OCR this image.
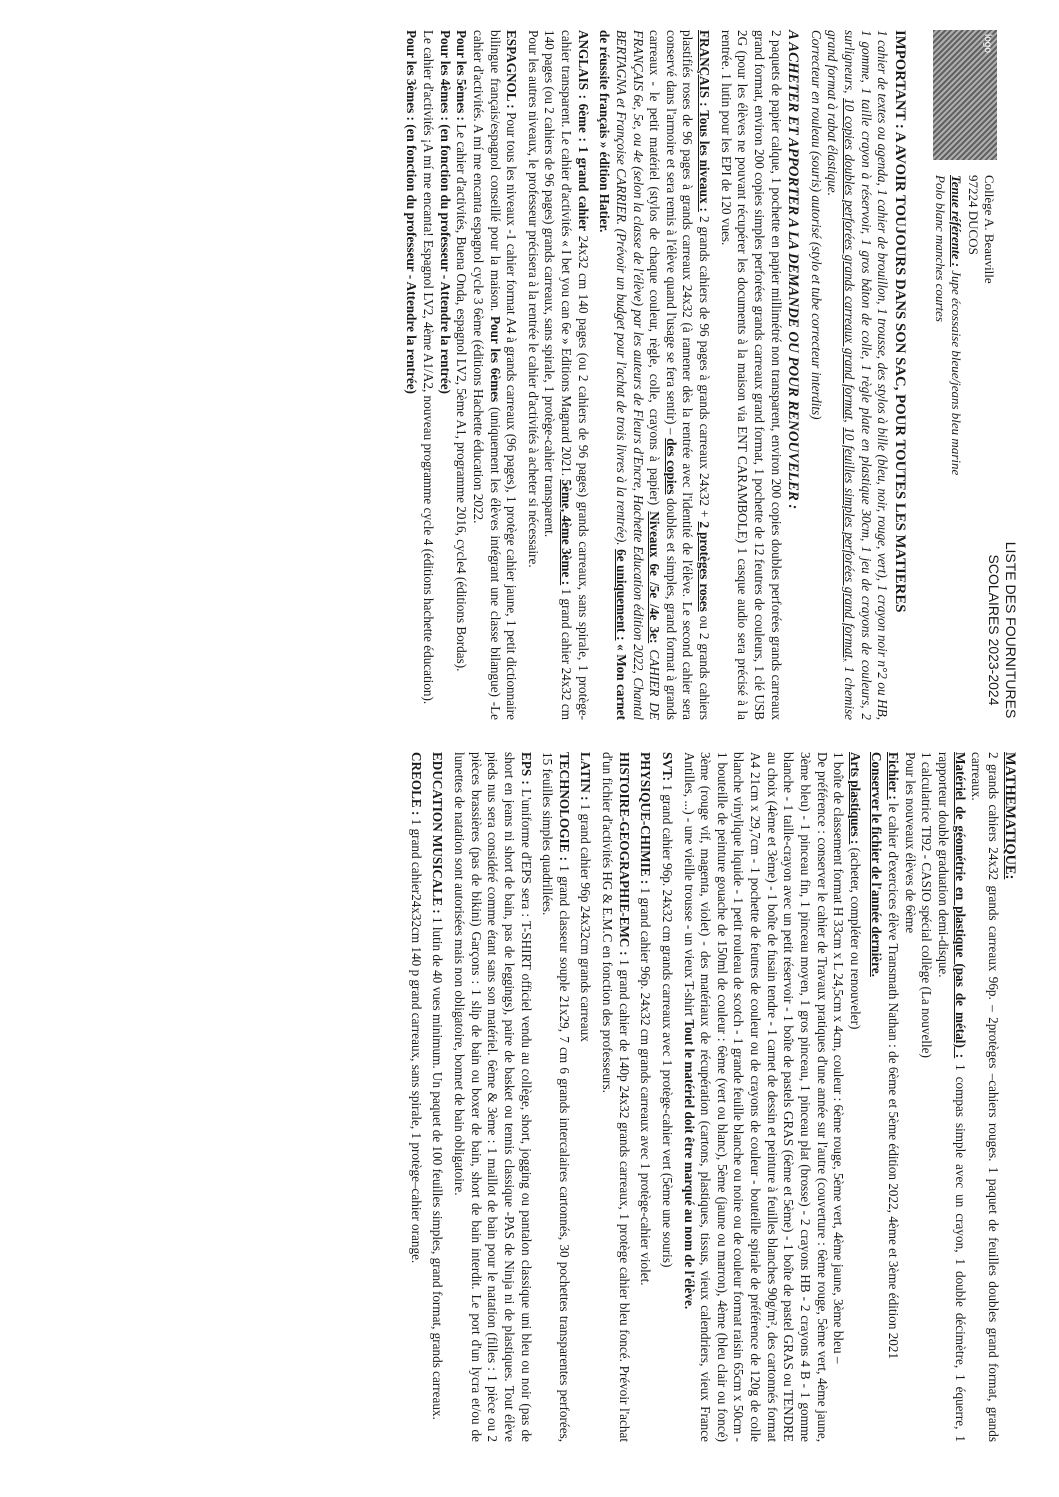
LISTE DES FOURNITURES
SCOLAIRES 2023-2024
logo
Collège A. Beauville
97224 DUCOS
Tenue référente : Jupe écossaise bleue/jeans bleu marine
Polo blanc manches courtes

IMPORTANT : A AVOIR TOUJOURS DANS SON SAC, POUR TOUTES LES MATIERES
1 cahier de textes ou agenda, 1 cahier de brouillon, 1 trousse, des stylos à bille (bleu, noir, rouge, vert), 1 crayon noir n°2 ou HB, 1 gomme, 1 taille crayon à réservoir, 1 gros bâton de colle, 1 règle plate en plastique 30cm, 1 jeu de crayons de couleurs, 2 surligneurs, 10 copies doubles perforées grands carreaux grand format, 10 feuilles simples perforées grand format, 1 chemise grand format à rabat élastique.
Correcteur en rouleau (souris) autorisé (stylo et tube correcteur interdits)

A ACHETER ET APPORTER A LA DEMANDE OU POUR RENOUVELER :
2 paquets de papier calque, 1 pochette en papier millimétré non transparent, environ 200 copies doubles perforées grands carreaux grand format, environ 200 copies simples perforées grands carreaux grand format, 1 pochette de 12 feutres de couleurs, 1 clé USB 2G (pour les élèves ne pouvant récupérer les documents à la maison via ENT CARAMBOLE) 1 casque audio sera précisé à la rentrée. 1 lutin pour les EPI de 120 vues.

FRANÇAIS : Tous les niveaux : 2 grands cahiers de 96 pages à grands carreaux 24x32 + 2 protèges roses ou 2 grands cahiers plastifiés roses de 96 pages à grands carreaux 24x32 (à ramener dès la rentrée avec l'identité de l'élève. Le second cahier sera conservé dans l'armoire et sera remis à l'élève quand l'usage se fera sentir) – des copies doubles et simples, grand format à grands carreaux - le petit matériel (stylos de chaque couleur, règle, colle, crayons à papier) Niveaux 6e /5e /4e 3e: CAHIER DE FRANÇAIS 6e, 5e, ou 4e (selon la classe de l'élève) par les auteurs de Fleurs d'Encre, Hachette Education édition 2022, Chantal BERTAGNA et Françoise CARRIER. (Prévoir un budget pour l'achat de trois livres à la rentrée). 6e uniquement : « Mon carnet de réussite français » édition Hatier.

ANGLAIS : 6ème : 1 grand cahier 24x32 cm 140 pages (ou 2 cahiers de 96 pages) grands carreaux, sans spirale, 1 protège-cahier transparent. Le cahier d'activités « I bet you can 6e » Editions Magnard 2021. 5ème, 4ème 3ème : 1 grand cahier 24x32 cm 140 pages (ou 2 cahiers de 96 pages) grands carreaux, sans spirale, 1 protège-cahier transparent.
Pour les autres niveaux, le professeur précisera à la rentrée le cahier d'activités à acheter si nécessaire.

ESPAGNOL : Pour tous les niveaux -1 cahier format A4 à grands carreaux (96 pages), 1 protège cahier jaune, 1 petit dictionnaire bilingue français/espagnol conseillé pour la maison. Pour les 6èmes (uniquement les élèves intégrant une classe bilangue) -Le cahier d'activités. A mí me encanta espagnol cycle 3 6ème (éditions Hachette éducation 2022.
Pour les 5èmes : Le cahier d'activités, Buena Onda, espagnol LV2, 5ème A1, programme 2016, cycle4 (éditions Bordas).
Pour les 4èmes : (en fonction du professeur - Attendre la rentrée)
Le cahier d'activités ¡A mí me encanta! Espagnol LV2, 4ème A1/A2, nouveau programme cycle 4 (éditions hachette éducation).
Pour les 3èmes : (en fonction du professeur - Attendre la rentrée)

MATHEMATIQUE:
2 grands cahiers 24x32 grands carreaux 96p. – 2protèges –cahiers rouges. 1 paquet de feuilles doubles grand format, grands carreaux.
Matériel de géométrie en plastique (pas de métal) : 1 compas simple avec un crayon, 1 double décimètre, 1 équerre, 1 rapporteur double graduation demi-disque.
1 calculatrice TI92 - CASIO spécial collège (La nouvelle)
Pour les nouveaux élèves de 6ème
Fichier : le cahier d'exercices élève Transmath Nathan : de 6ème et 5ème édition 2022, 4ème et 3ème édition 2021
Conserver le fichier de l'année dernière.

Arts plastiques : (acheter, compléter ou renouveler)
1 boîte de classement format H 33cm x L 24,5cm x 4cm, couleur : 6ème rouge, 5ème vert, 4ème jaune, 3ème bleu –
De préférence : conserver le cahier de Travaux pratiques d'une année sur l'autre (couverture : 6ème rouge, 5ème vert, 4ème jaune, 3ème bleu) - 1 pinceau fin, 1 pinceau moyen, 1 gros pinceau, 1 pinceau plat (brosse) - 2 crayons HB - 2 crayons 4 B - 1 gomme blanche - 1 taille-crayon avec un petit réservoir - 1 boîte de pastels GRAS (6ème et 5ème) - 1 boîte de pastel GRAS ou TENDRE au choix (4ème et 3ème) - 1 boîte de fusain tendre - 1 carnet de dessin et peinture à feuilles blanches 90g/m², des cartonnés format A4 21cm x 29,7cm - 1 pochette de feutres de couleur ou de crayons de couleur - bouteille spirale de préférence de 120g de colle blanche vinylique liquide - 1 petit rouleau de scotch - 1 grande feuille blanche ou noire ou de couleur format raisin 65cm x 50cm - 1 bouteille de peinture gouache de 150ml de couleur : 6ème (vert ou blanc), 5ème (jaune ou marron), 4ème (bleu clair ou foncé) 3ème (rouge vif, magenta, violet) - des matériaux de récupération (cartons, plastiques, tissus, vieux calendriers, vieux France Antilles, ...) - une vieille trousse - un vieux T-shirt Tout le matériel doit être marqué au nom de l'élève.

SVT: 1 grand cahier 96p. 24x32 cm grands carreaux avec 1 protège-cahier vert (5ème une souris)

PHYSIQUE-CHIMIE : 1 grand cahier 96p. 24x32 cm grands carreaux avec 1 protège-cahier violet.

HISTOIRE-GEOGRAPHIE-EMC : 1 grand cahier de 140p 24x32 grands carreaux, 1 protège cahier bleu foncé. Prévoir l'achat d'un fichier d'activités HG & E.M.C en fonction des professeurs.

LATIN : 1 grand cahier 96p 24x32cm grands carreaux

TECHNOLOGIE : 1 grand classeur souple 21x29, 7 cm 6 grands intercalaires cartonnés, 30 pochettes transparentes perforées, 15 feuilles simples quadrillées.

EPS : L'uniforme d'EPS sera : T-SHIRT officiel vendu au collège, short, jogging ou pantalon classique uni bleu ou noir (pas de short en jeans ni short de bain, pas de leggings), paire de basket ou tennis classique -PAS de Ninja ni de plastiques. Tout élève pieds nus sera considéré comme étant sans son matériel. 6ème & 3ème : 1 maillot de bain pour le natation (filles : 1 pièce ou 2 pièces brassières (pas de bikini) Garçons : 1 slip de bain ou boxer de bain, short de bain interdit. Le port d'un lycra et/ou de lunettes de natation sont autorisées mais non obligatoire, bonnet de bain obligatoire.

EDUCATION MUSICALE : 1 lutin de 40 vues minimum. Un paquet de 100 feuilles simples, grand format, grands carreaux.

CREOLE : 1 grand cahier24x32cm 140 p grand carreaux, sans spirale, 1 protège–cahier orange.
